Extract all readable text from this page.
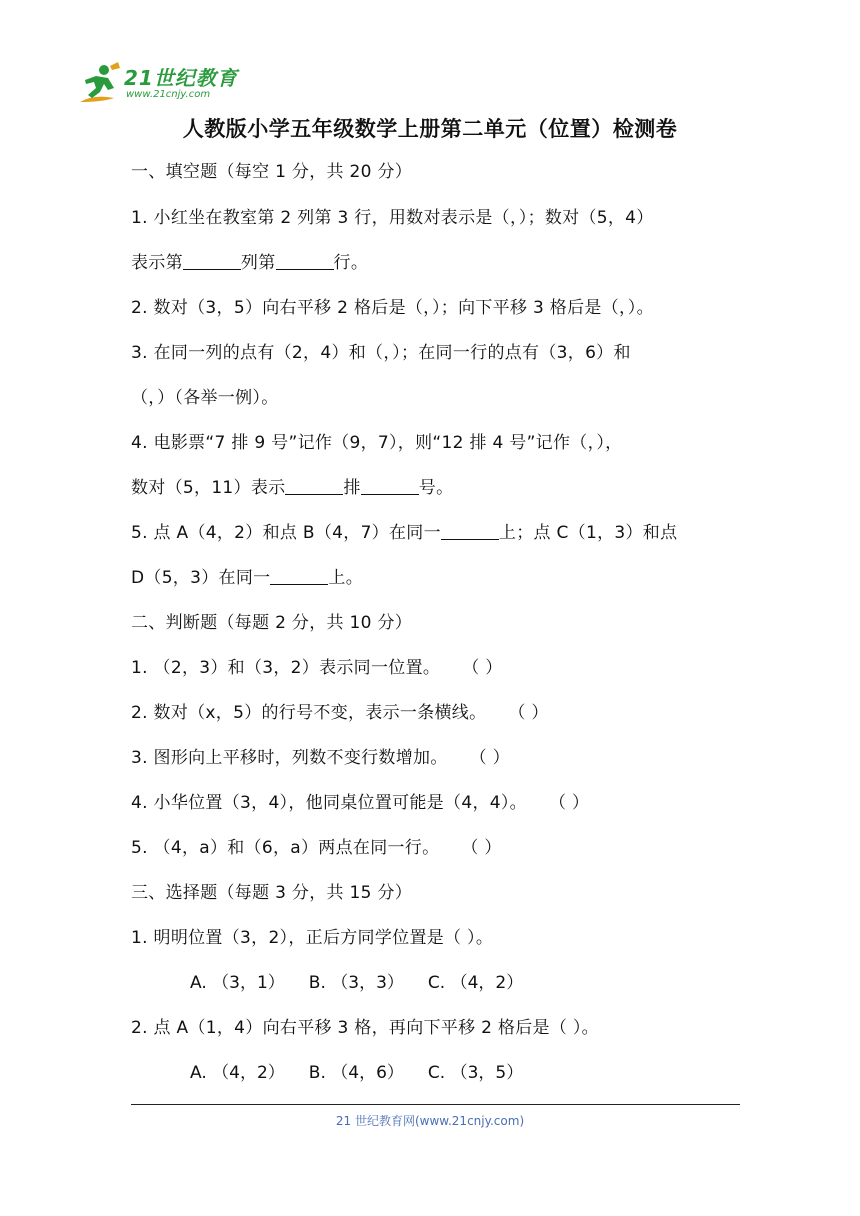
21世纪教育
www.21cnjy.com
人教版小学五年级数学上册第二单元（位置）检测卷
一、填空题（每空 1 分，共 20 分）
1. 小红坐在教室第 2 列第 3 行，用数对表示是（，）；数对（5，4）
表示第	列第	行。
2. 数对（3，5）向右平移 2 格后是（，）；向下平移 3 格后是（，）。
3. 在同一列的点有（2，4）和（，）；在同一行的点有（3，6）和
（，）（各举一例）。
4. 电影票“7 排 9 号”记作（9，7），则“12 排 4 号”记作（，），
数对（5，11）表示	排	号。
5. 点 A（4，2）和点 B（4，7）在同一	上；点 C（1，3）和点
D（5，3）在同一	上。
二、判断题（每题 2 分，共 10 分）
1. （2，3）和（3，2）表示同一位置。 （ ）
2. 数对（x，5）的行号不变，表示一条横线。 （ ）
3. 图形向上平移时，列数不变行数增加。 （ ）
4. 小华位置（3，4），他同桌位置可能是（4，4）。 （ ）
5. （4，a）和（6，a）两点在同一行。 （ ）
三、选择题（每题 3 分，共 15 分）
1. 明明位置（3，2），正后方同学位置是（ ）。
A. （3，1） B. （3，3） C. （4，2）
2. 点 A（1，4）向右平移 3 格，再向下平移 2 格后是（ ）。
A. （4，2） B. （4，6） C. （3，5）
21 世纪教育网(www.21cnjy.com)
